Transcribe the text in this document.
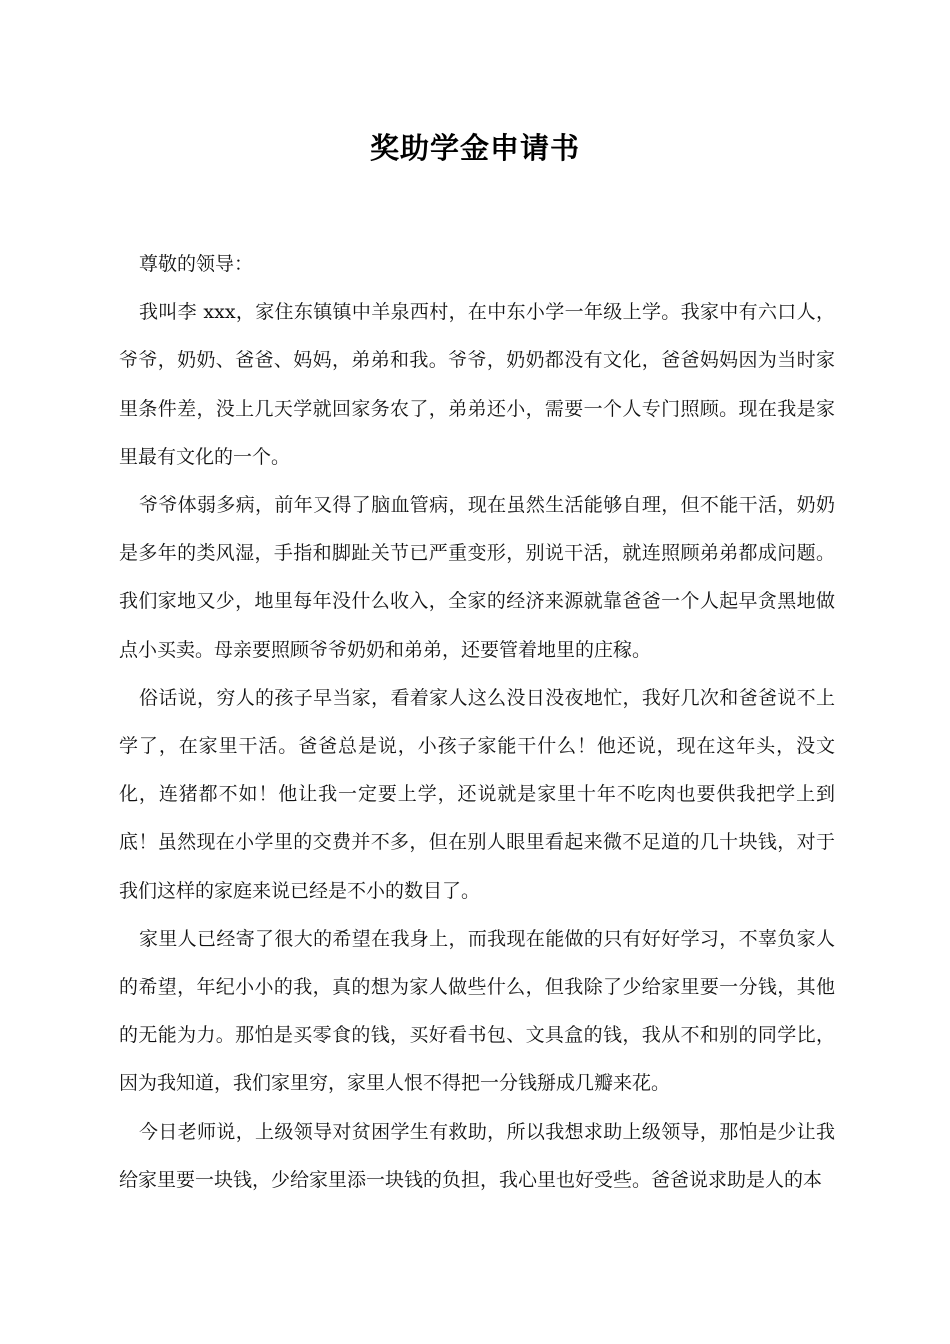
奖助学金申请书

尊敬的领导：

我叫李 xxx，家住东镇镇中羊泉西村，在中东小学一年级上学。我家中有六口人，爷爷，奶奶、爸爸、妈妈，弟弟和我。爷爷，奶奶都没有文化，爸爸妈妈因为当时家里条件差，没上几天学就回家务农了，弟弟还小，需要一个人专门照顾。现在我是家里最有文化的一个。

爷爷体弱多病，前年又得了脑血管病，现在虽然生活能够自理，但不能干活，奶奶是多年的类风湿，手指和脚趾关节已严重变形，别说干活，就连照顾弟弟都成问题。我们家地又少，地里每年没什么收入，全家的经济来源就靠爸爸一个人起早贪黑地做点小买卖。母亲要照顾爷爷奶奶和弟弟，还要管着地里的庄稼。

俗话说，穷人的孩子早当家，看着家人这么没日没夜地忙，我好几次和爸爸说不上学了，在家里干活。爸爸总是说，小孩子家能干什么！他还说，现在这年头，没文化，连猪都不如！他让我一定要上学，还说就是家里十年不吃肉也要供我把学上到底！虽然现在小学里的交费并不多，但在别人眼里看起来微不足道的几十块钱，对于我们这样的家庭来说已经是不小的数目了。

家里人已经寄了很大的希望在我身上，而我现在能做的只有好好学习，不辜负家人的希望，年纪小小的我，真的想为家人做些什么，但我除了少给家里要一分钱，其他的无能为力。那怕是买零食的钱，买好看书包、文具盒的钱，我从不和别的同学比，因为我知道，我们家里穷，家里人恨不得把一分钱掰成几瓣来花。

今日老师说，上级领导对贫困学生有救助，所以我想求助上级领导，那怕是少让我给家里要一块钱，少给家里添一块钱的负担，我心里也好受些。爸爸说求助是人的本
